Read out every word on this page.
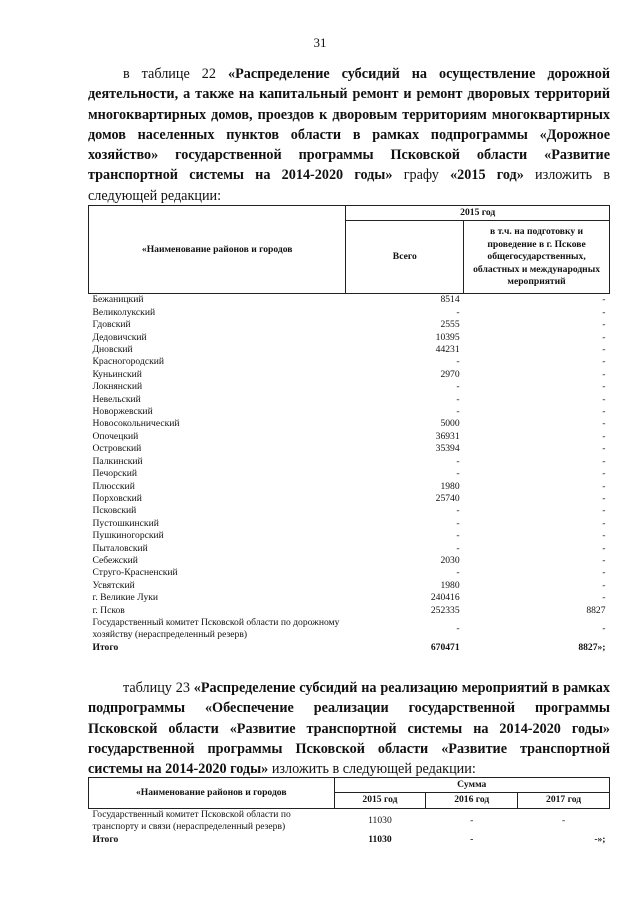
31
в таблице 22 «Распределение субсидий на осуществление дорожной деятельности, а также на капитальный ремонт и ремонт дворовых территорий многоквартирных домов, проездов к дворовым территориям многоквартирных домов населенных пунктов области в рамках подпрограммы «Дорожное хозяйство» государственной программы Псковской области «Развитие транспортной системы на 2014-2020 годы» графу «2015 год» изложить в следующей редакции:
«Наименование районов и городов	2015 год	
	Всего	в т.ч. на подготовку и проведение в г. Пскове общегосударственных, областных и международных мероприятий
Бежаницкий	8514	-
Великолукский	-	-
Гдовский	2555	-
Дедовичский	10395	-
Дновский	44231	-
Красногородский	-	-
Куньинский	2970	-
Локнянский	-	-
Невельский	-	-
Новоржевский	-	-
Новосокольнический	5000	-
Опочецкий	36931	-
Островский	35394	-
Палкинский	-	-
Печорский	-	-
Плюсский	1980	-
Порховский	25740	-
Псковский	-	-
Пустошкинский	-	-
Пушкиногорский	-	-
Пыталовский	-	-
Себежский	2030	-
Струго-Красненский	-	-
Усвятский	1980	-
г. Великие Луки	240416	-
г. Псков	252335	8827
Государственный комитет Псковской области по дорожному хозяйству (нераспределенный резерв)	-	-
Итого	670471	8827»;
таблицу 23 «Распределение субсидий на реализацию мероприятий в рамках подпрограммы «Обеспечение реализации государственной программы Псковской области «Развитие транспортной системы на 2014-2020 годы» государственной программы Псковской области «Развитие транспортной системы на 2014-2020 годы» изложить в следующей редакции:
«Наименование районов и городов	Сумма		
	2015 год	2016 год	2017 год
Государственный комитет Псковской области по транспорту и связи (нераспределенный резерв)	11030	-	-
Итого	11030	-	-»;
